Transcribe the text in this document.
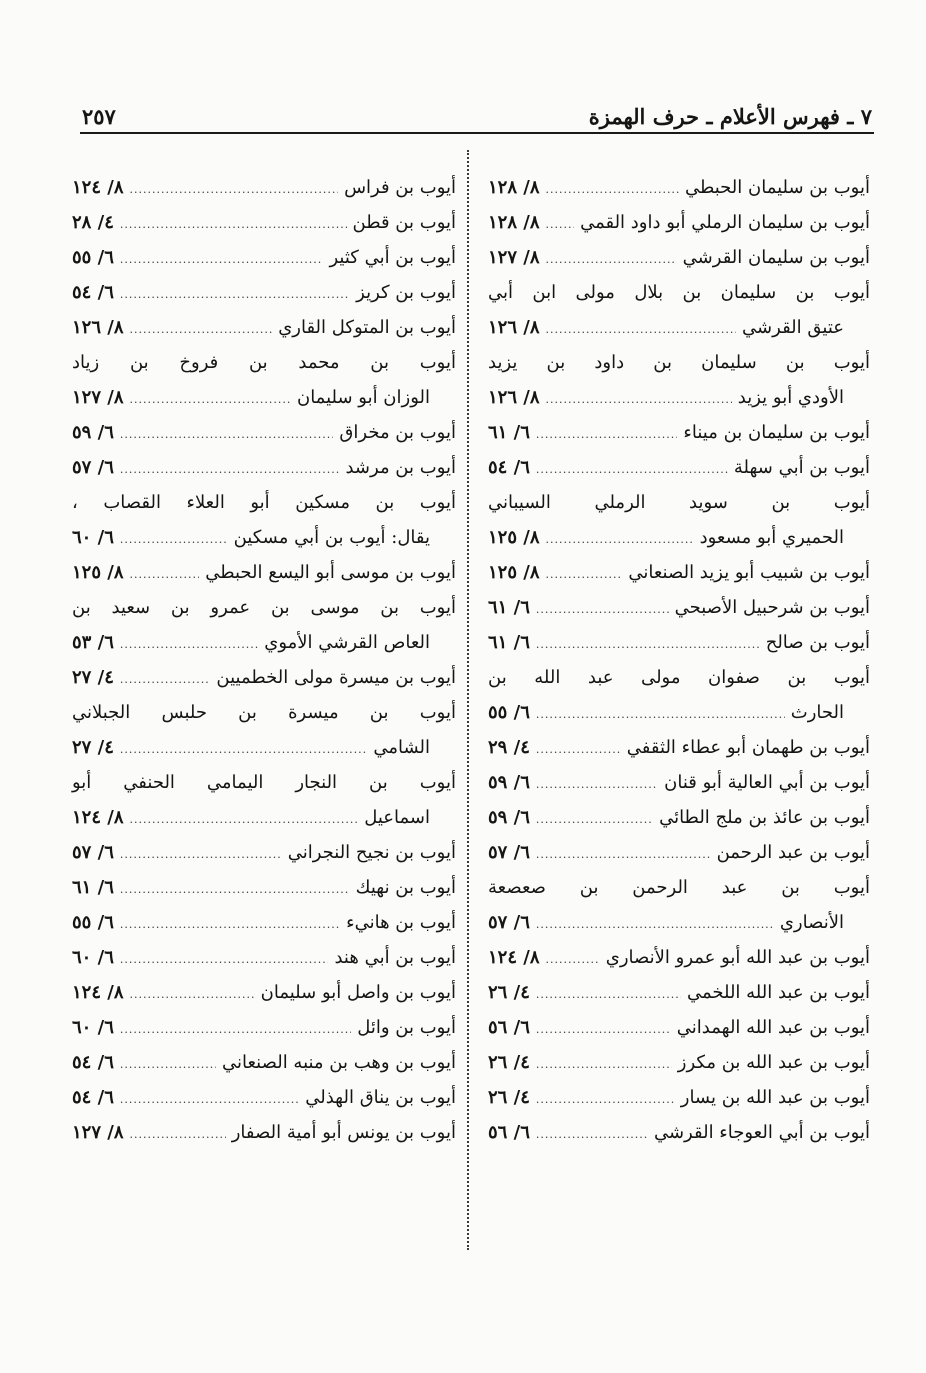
٧ ـ فهرس الأعلام ـ حرف الهمزة
٢٥٧
أيوب بن سليمان الحبطي
.....
٨/ ١٢٨
أيوب بن سليمان الرملي أبو داود القمي
.....
٨/ ١٢٨
أيوب بن سليمان القرشي
.....
٨/ ١٢٧
أيوب بن سليمان بن بلال مولى ابن أبي
عتيق القرشي
.....
٨/ ١٢٦
أيوب بن سليمان بن داود بن يزيد
الأودي أبو يزيد
.....
٨/ ١٢٦
أيوب بن سليمان بن ميناء
.....
٦/ ٦١
أيوب بن أبي سهلة
.....
٦/ ٥٤
أيوب بن سويد الرملي السيباني
الحميري أبو مسعود
.....
٨/ ١٢٥
أيوب بن شبيب أبو يزيد الصنعاني
.....
٨/ ١٢٥
أيوب بن شرحبيل الأصبحي
.....
٦/ ٦١
أيوب بن صالح
.....
٦/ ٦١
أيوب بن صفوان مولى عبد الله بن
الحارث
.....
٦/ ٥٥
أيوب بن طهمان أبو عطاء الثقفي
.....
٤/ ٢٩
أيوب بن أبي العالية أبو قنان
.....
٦/ ٥٩
أيوب بن عائذ بن ملج الطائي
.....
٦/ ٥٩
أيوب بن عبد الرحمن
.....
٦/ ٥٧
أيوب بن عبد الرحمن بن صعصعة
الأنصاري
.....
٦/ ٥٧
أيوب بن عبد الله أبو عمرو الأنصاري
.....
٨/ ١٢٤
أيوب بن عبد الله اللخمي
.....
٤/ ٢٦
أيوب بن عبد الله الهمداني
.....
٦/ ٥٦
أيوب بن عبد الله بن مكرز
.....
٤/ ٢٦
أيوب بن عبد الله بن يسار
.....
٤/ ٢٦
أيوب بن أبي العوجاء القرشي
.....
٦/ ٥٦
أيوب بن فراس
.....
٨/ ١٢٤
أيوب بن قطن
.....
٤/ ٢٨
أيوب بن أبي كثير
.....
٦/ ٥٥
أيوب بن كريز
.....
٦/ ٥٤
أيوب بن المتوكل القاري
.....
٨/ ١٢٦
أيوب بن محمد بن فروخ بن زياد
الوزان أبو سليمان
.....
٨/ ١٢٧
أيوب بن مخراق
.....
٦/ ٥٩
أيوب بن مرشد
.....
٦/ ٥٧
أيوب بن مسكين أبو العلاء القصاب ،
يقال: أيوب بن أبي مسكين
.....
٦/ ٦٠
أيوب بن موسى أبو اليسع الحبطي
.....
٨/ ١٢٥
أيوب بن موسى بن عمرو بن سعيد بن
العاص القرشي الأموي
.....
٦/ ٥٣
أيوب بن ميسرة مولى الخطميين
.....
٤/ ٢٧
أيوب بن ميسرة بن حلبس الجبلاني
الشامي
.....
٤/ ٢٧
أيوب بن النجار اليمامي الحنفي أبو
اسماعيل
.....
٨/ ١٢٤
أيوب بن نجيح النجراني
.....
٦/ ٥٧
أيوب بن نهيك
.....
٦/ ٦١
أيوب بن هانيء
.....
٦/ ٥٥
أيوب بن أبي هند
.....
٦/ ٦٠
أيوب بن واصل أبو سليمان
.....
٨/ ١٢٤
أيوب بن وائل
.....
٦/ ٦٠
أيوب بن وهب بن منبه الصنعاني
.....
٦/ ٥٤
أيوب بن يناق الهذلي
.....
٦/ ٥٤
أيوب بن يونس أبو أمية الصفار
.....
٨/ ١٢٧
